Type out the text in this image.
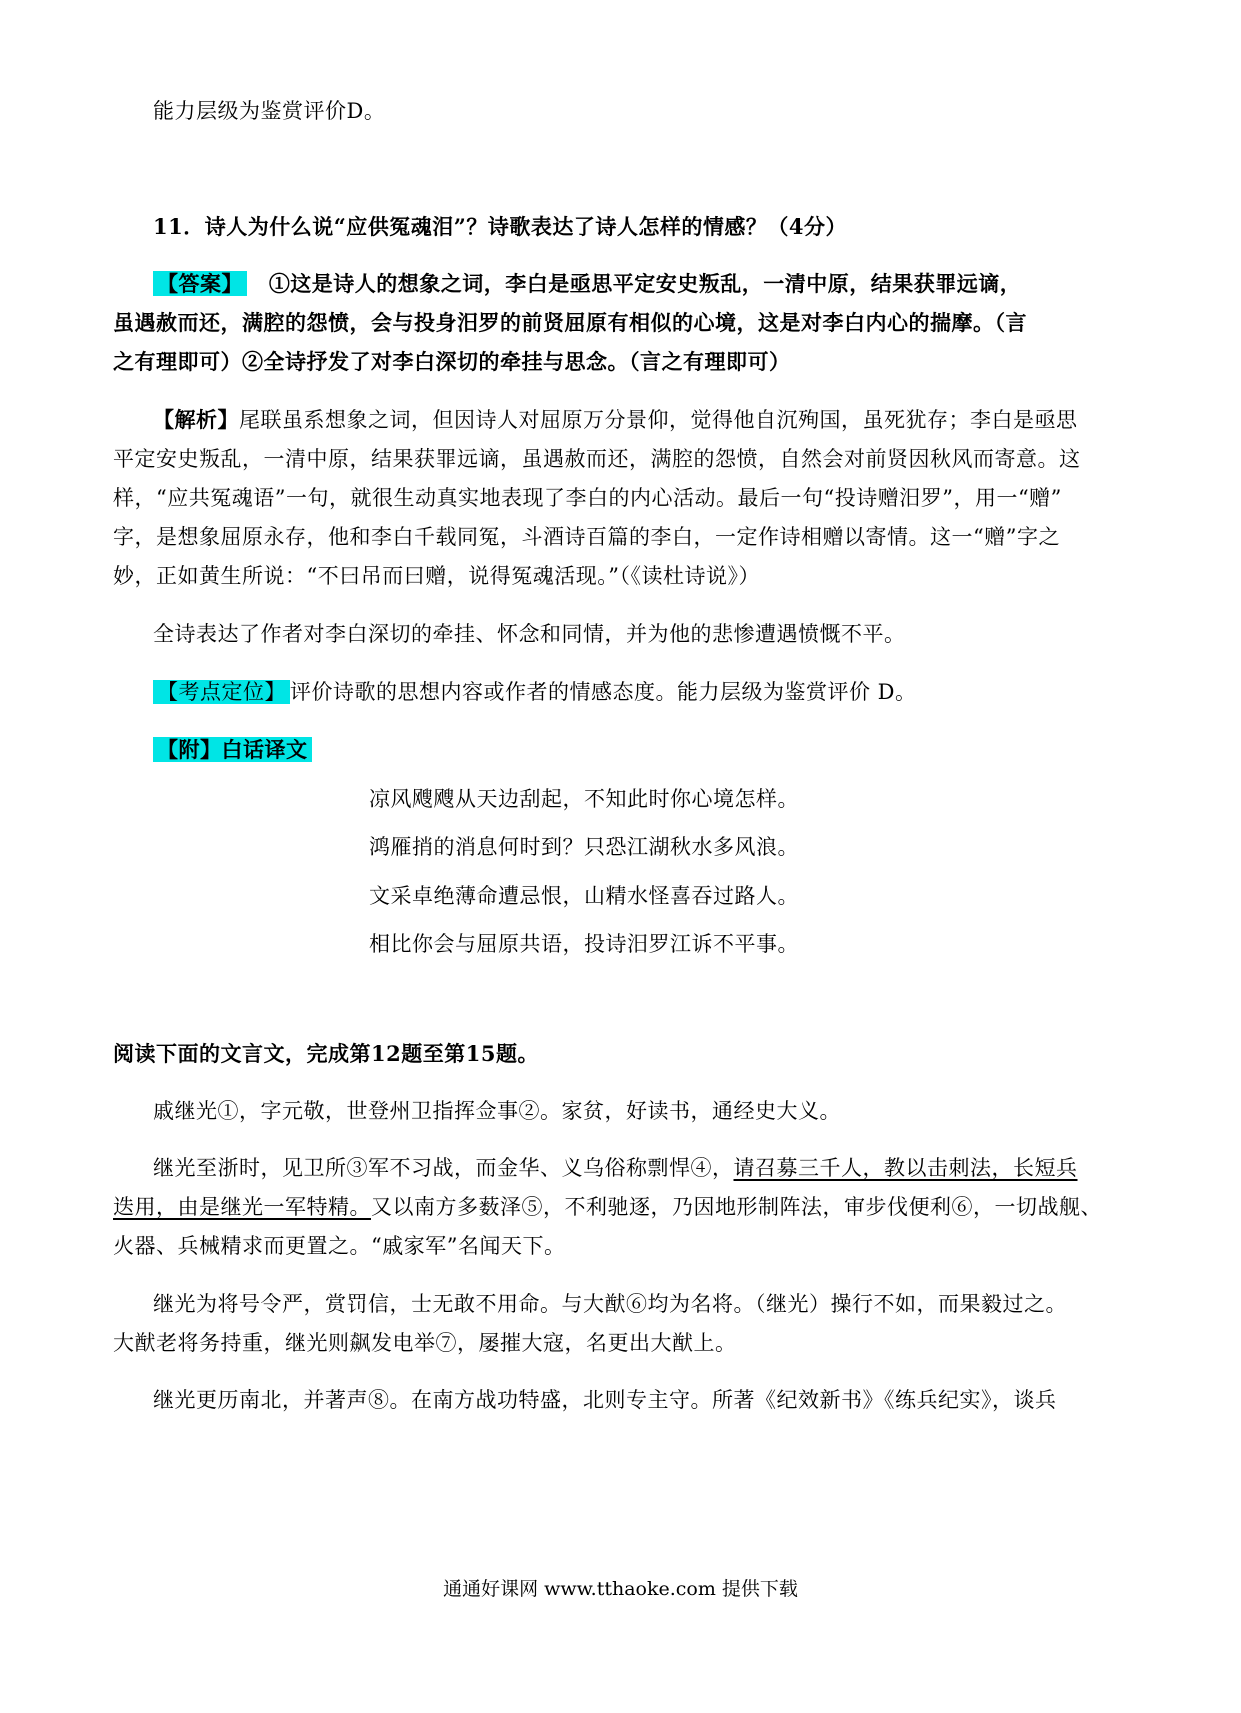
能力层级为鉴赏评价D。
11．诗人为什么说“应供冤魂泪”？诗歌表达了诗人怎样的情感？（4分）
【答案】 ①这是诗人的想象之词，李白是亟思平定安史叛乱，一清中原，结果获罪远谪，
虽遇赦而还，满腔的怨愤，会与投身汨罗的前贤屈原有相似的心境，这是对李白内心的揣摩。（言
之有理即可）②全诗抒发了对李白深切的牵挂与思念。（言之有理即可）
【解析】尾联虽系想象之词，但因诗人对屈原万分景仰，觉得他自沉殉国，虽死犹存；李白是亟思
平定安史叛乱，一清中原，结果获罪远谪，虽遇赦而还，满腔的怨愤，自然会对前贤因秋风而寄意。这
样，“应共冤魂语”一句，就很生动真实地表现了李白的内心活动。最后一句“投诗赠汨罗”，用一“赠”
字，是想象屈原永存，他和李白千载同冤，斗酒诗百篇的李白，一定作诗相赠以寄情。这一“赠”字之
妙，正如黄生所说：“不曰吊而曰赠，说得冤魂活现。”（《读杜诗说》）
全诗表达了作者对李白深切的牵挂、怀念和同情，并为他的悲惨遭遇愤慨不平。
【考点定位】 评价诗歌的思想内容或作者的情感态度。能力层级为鉴赏评价 D。
【附】白话译文
凉风飕飕从天边刮起，不知此时你心境怎样。
鸿雁捎的消息何时到？只恐江湖秋水多风浪。
文采卓绝薄命遭忌恨，山精水怪喜吞过路人。
相比你会与屈原共语，投诗汨罗江诉不平事。
阅读下面的文言文，完成第12题至第15题。
戚继光①，字元敬，世登州卫指挥佥事②。家贫，好读书，通经史大义。
继光至浙时，见卫所③军不习战，而金华、义乌俗称剽悍④，请召募三千人，教以击刺法，长短兵
迭用，由是继光一军特精。又以南方多薮泽⑤，不利驰逐，乃因地形制阵法，审步伐便利⑥，一切战舰、
火器、兵械精求而更置之。“戚家军”名闻天下。
继光为将号令严，赏罚信，士无敢不用命。与大猷⑥均为名将。（继光）操行不如，而果毅过之。
大猷老将务持重，继光则飙发电举⑦，屡摧大寇，名更出大猷上。
继光更历南北，并著声⑧。在南方战功特盛，北则专主守。所著《纪效新书》《练兵纪实》，谈兵
通通好课网 www.tthaoke.com 提供下载
